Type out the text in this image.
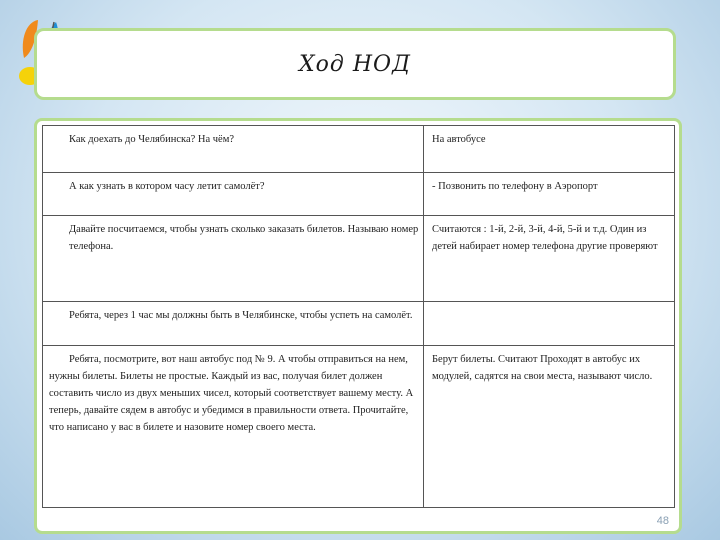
Ход НОД
Как доехать до Челябинска? На чём?	На автобусе
А как узнать в котором часу летит самолёт?	- Позвонить по телефону в Аэропорт
Давайте посчитаемся, чтобы узнать сколько заказать билетов. Называю номер телефона.	Считаются : 1-й, 2-й, 3-й, 4-й, 5-й и т.д. Один из детей набирает номер телефона другие проверяют
Ребята, через 1 час мы должны быть в Челябинске, чтобы успеть на самолёт.	
Ребята, посмотрите, вот наш автобус под № 9. А чтобы отправиться на нем, нужны билеты. Билеты не простые. Каждый из вас, получая билет должен составить число из двух меньших чисел, который соответствует вашему месту. А теперь, давайте сядем в автобус и убедимся в правильности ответа. Прочитайте, что написано у вас в билете и назовите номер своего места.	Берут билеты. Считают Проходят в автобус их модулей, садятся на свои места, называют число.
48
